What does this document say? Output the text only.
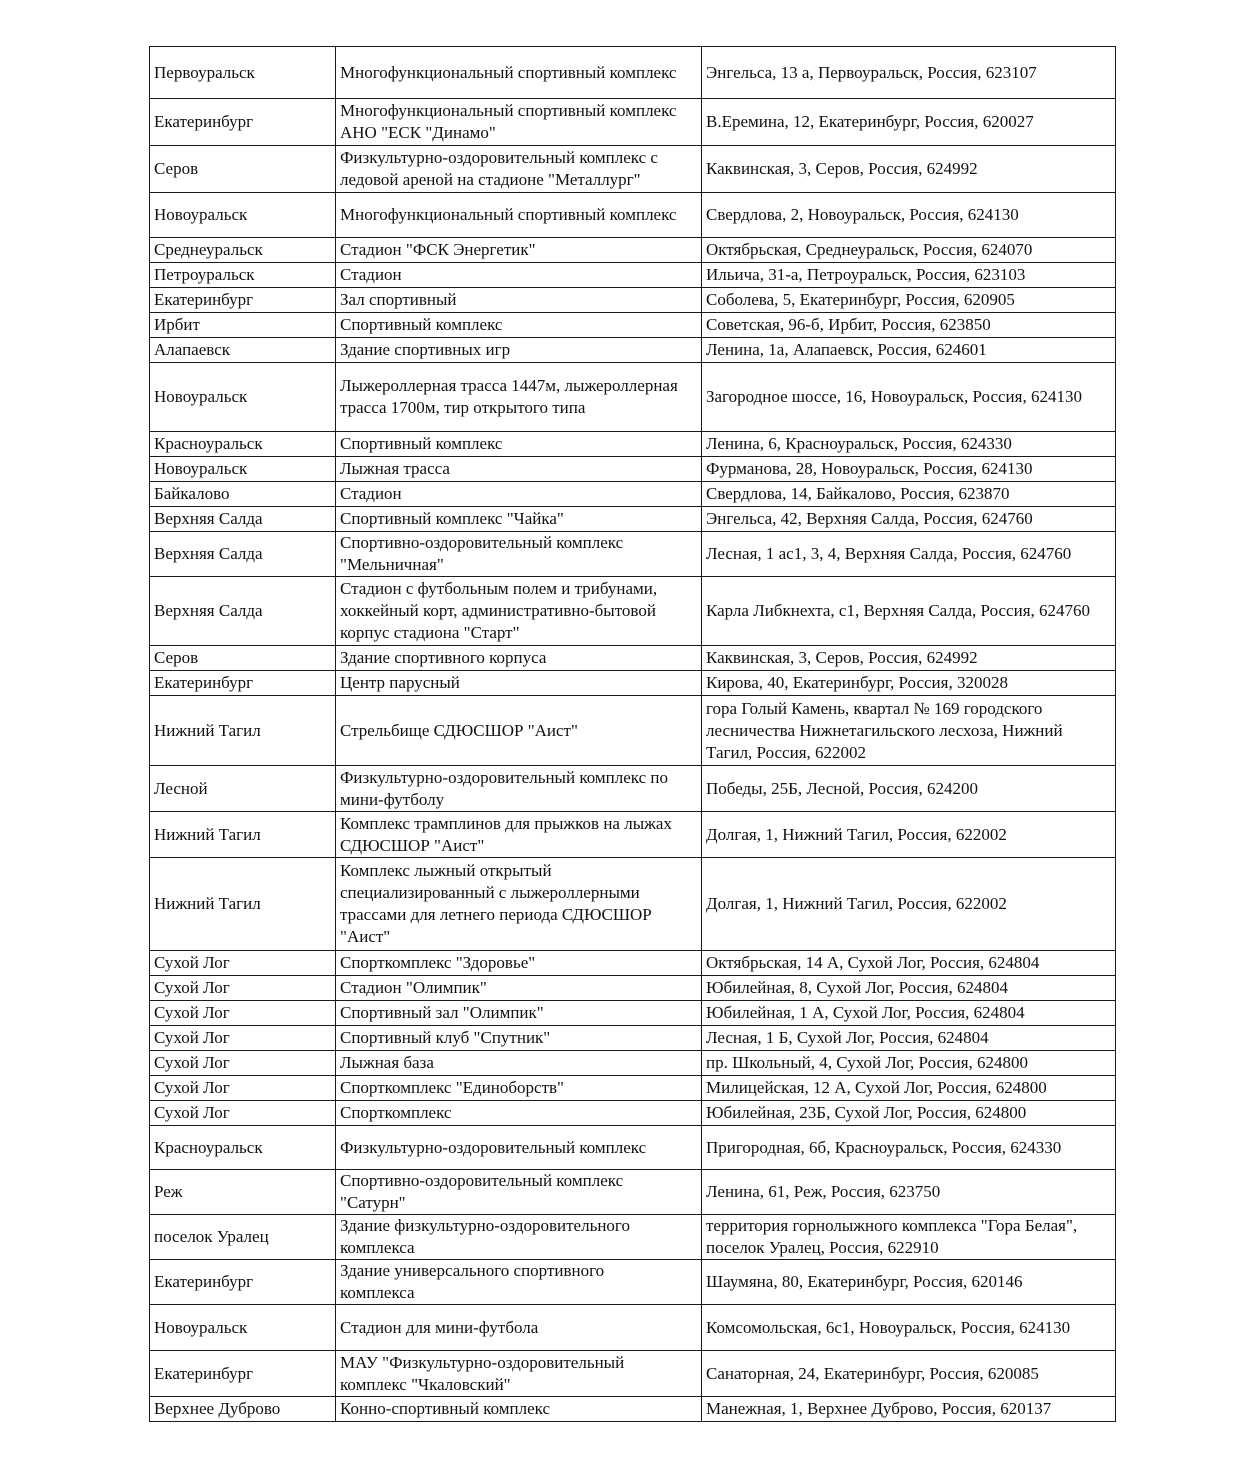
Первоуральск	Многофункциональный спортивный комплекс	Энгельса, 13 а, Первоуральск, Россия, 623107
Екатеринбург	Многофункциональный спортивный комплекс
АНО "ЕСК "Динамо"	В.Еремина, 12, Екатеринбург, Россия, 620027
Серов	Физкультурно-оздоровительный комплекс с
ледовой ареной на стадионе "Металлург"	Каквинская, 3, Серов, Россия, 624992
Новоуральск	Многофункциональный спортивный комплекс	Свердлова, 2, Новоуральск, Россия, 624130
Среднеуральск	Стадион "ФСК Энергетик"	Октябрьская, Среднеуральск, Россия, 624070
Петроуральск	Стадион	Ильича, 31-а, Петроуральск, Россия, 623103
Екатеринбург	Зал спортивный	Соболева, 5, Екатеринбург, Россия, 620905
Ирбит	Спортивный комплекс	Советская, 96-б, Ирбит, Россия, 623850
Алапаевск	Здание спортивных игр	Ленина, 1а, Алапаевск, Россия, 624601
Новоуральск	Лыжероллерная трасса 1447м, лыжероллерная
трасса 1700м, тир открытого типа	Загородное шоссе, 16, Новоуральск, Россия, 624130
Красноуральск	Спортивный комплекс	Ленина, 6, Красноуральск, Россия, 624330
Новоуральск	Лыжная трасса	Фурманова, 28, Новоуральск, Россия, 624130
Байкалово	Стадион	Свердлова, 14, Байкалово, Россия, 623870
Верхняя Салда	Спортивный комплекс "Чайка"	Энгельса, 42, Верхняя Салда, Россия, 624760
Верхняя Салда	Спортивно-оздоровительный комплекс
"Мельничная"	Лесная, 1 ас1, 3, 4, Верхняя Салда, Россия, 624760
Верхняя Салда	Стадион с футбольным полем и трибунами,
хоккейный корт, административно-бытовой
корпус стадиона "Старт"	Карла Либкнехта, с1, Верхняя Салда, Россия, 624760
Серов	Здание спортивного корпуса	Каквинская, 3, Серов, Россия, 624992
Екатеринбург	Центр парусный	Кирова, 40, Екатеринбург, Россия, 320028
Нижний Тагил	Стрельбище СДЮСШОР "Аист"	гора Голый Камень, квартал № 169 городского
лесничества Нижнетагильского лесхоза, Нижний
Тагил, Россия, 622002
Лесной	Физкультурно-оздоровительный комплекс по
мини-футболу	Победы, 25Б, Лесной, Россия, 624200
Нижний Тагил	Комплекс трамплинов для прыжков на лыжах
СДЮСШОР "Аист"	Долгая, 1, Нижний Тагил, Россия, 622002
Нижний Тагил	Комплекс лыжный открытый
специализированный с лыжероллерными
трассами для летнего периода СДЮСШОР
"Аист"	Долгая, 1, Нижний Тагил, Россия, 622002
Сухой Лог	Спорткомплекс "Здоровье"	Октябрьская, 14 А, Сухой Лог, Россия, 624804
Сухой Лог	Стадион "Олимпик"	Юбилейная, 8, Сухой Лог, Россия, 624804
Сухой Лог	Спортивный зал "Олимпик"	Юбилейная, 1 А, Сухой Лог, Россия, 624804
Сухой Лог	Спортивный клуб "Спутник"	Лесная, 1 Б, Сухой Лог, Россия, 624804
Сухой Лог	Лыжная база	пр. Школьный, 4, Сухой Лог, Россия, 624800
Сухой Лог	Спорткомплекс "Единоборств"	Милицейская, 12 А, Сухой Лог, Россия, 624800
Сухой Лог	Спорткомплекс	Юбилейная, 23Б, Сухой Лог, Россия, 624800
Красноуральск	Физкультурно-оздоровительный комплекс	Пригородная, 6б, Красноуральск, Россия, 624330
Реж	Спортивно-оздоровительный комплекс
"Сатурн"	Ленина, 61, Реж, Россия, 623750
поселок Уралец	Здание физкультурно-оздоровительного
комплекса	территория горнолыжного комплекса "Гора Белая",
поселок Уралец, Россия, 622910
Екатеринбург	Здание универсального спортивного
комплекса	Шаумяна, 80, Екатеринбург, Россия, 620146
Новоуральск	Стадион для мини-футбола	Комсомольская, 6с1, Новоуральск, Россия, 624130
Екатеринбург	МАУ "Физкультурно-оздоровительный
комплекс "Чкаловский"	Санаторная, 24, Екатеринбург, Россия, 620085
Верхнее Дуброво	Конно-спортивный комплекс	Манежная, 1, Верхнее Дуброво, Россия, 620137
